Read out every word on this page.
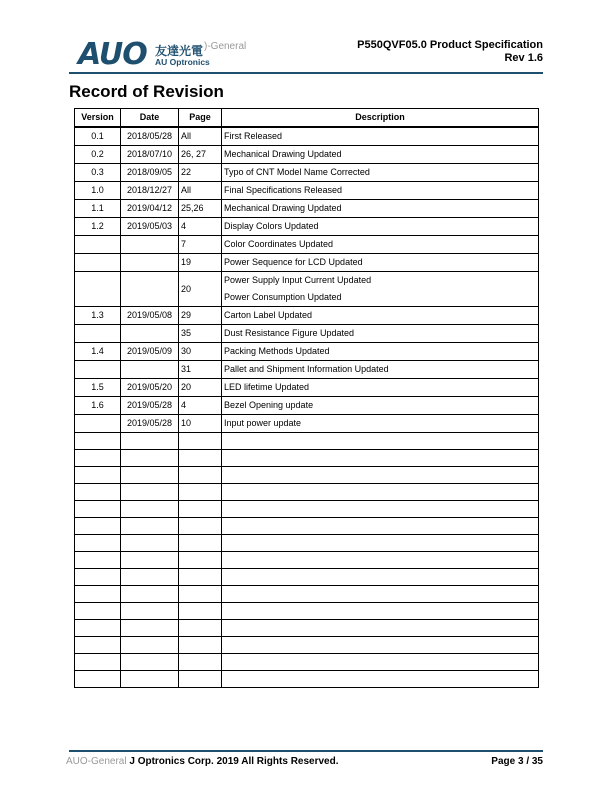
AUO 友達光電
AU Optronics
)-General	P550QVF05.0 Product Specification
Rev 1.6
Record of Revision
Version	Date	Page	Description
0.1	2018/05/28	All	First Released

0.2	2018/07/10	26, 27	Mechanical Drawing Updated

0.3	2018/09/05	22	Typo of CNT Model Name Corrected

1.0	2018/12/27	All	Final Specifications Released

1.1	2019/04/12	25,26	Mechanical Drawing Updated

1.2	2019/05/03	4	Display Colors Updated

		7	Color Coordinates Updated

		19	Power Sequence for LCD Updated

		20	Power Supply Input Current Updated
Power Consumption Updated

1.3	2019/05/08	29	Carton Label Updated

		35	Dust Resistance Figure Updated

1.4	2019/05/09	30	Packing Methods Updated

		31	Pallet and Shipment Information Updated

1.5	2019/05/20	20	LED lifetime Updated

1.6	2019/05/28	4	Bezel Opening update

	2019/05/28	10	Input power update

AUO-General J Optronics Corp. 2019 All Rights Reserved.	Page 3 / 35
